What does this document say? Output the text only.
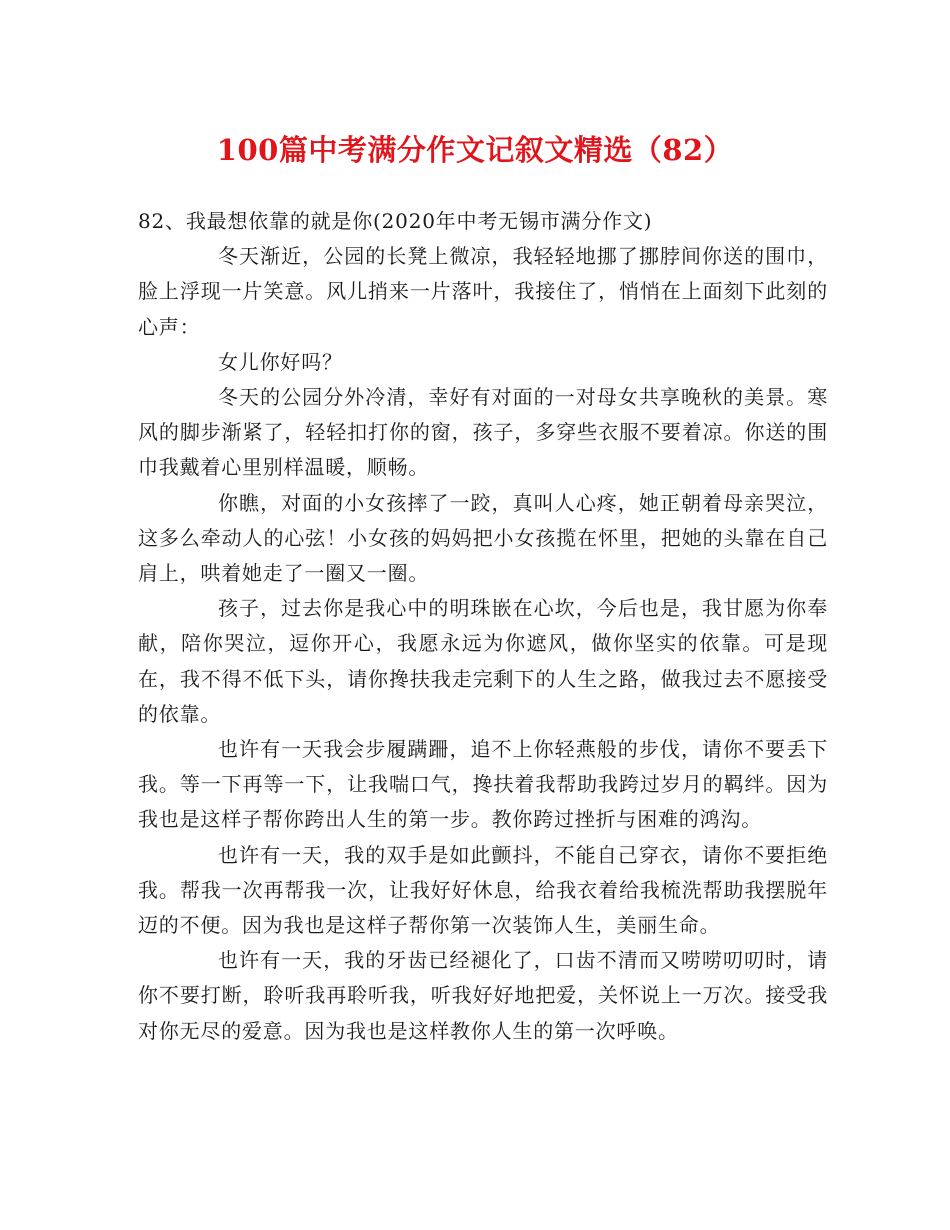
100篇中考满分作文记叙文精选（82）

82、我最想依靠的就是你(2020年中考无锡市满分作文)

冬天渐近，公园的长凳上微凉，我轻轻地挪了挪脖间你送的围巾，脸上浮现一片笑意。风儿捎来一片落叶，我接住了，悄悄在上面刻下此刻的心声：

女儿你好吗？

冬天的公园分外冷清，幸好有对面的一对母女共享晚秋的美景。寒风的脚步渐紧了，轻轻扣打你的窗，孩子，多穿些衣服不要着凉。你送的围巾我戴着心里别样温暖，顺畅。

你瞧，对面的小女孩摔了一跤，真叫人心疼，她正朝着母亲哭泣，这多么牵动人的心弦！小女孩的妈妈把小女孩揽在怀里，把她的头靠在自己肩上，哄着她走了一圈又一圈。

孩子，过去你是我心中的明珠嵌在心坎，今后也是，我甘愿为你奉献，陪你哭泣，逗你开心，我愿永远为你遮风，做你坚实的依靠。可是现在，我不得不低下头，请你搀扶我走完剩下的人生之路，做我过去不愿接受的依靠。

也许有一天我会步履蹒跚，追不上你轻燕般的步伐，请你不要丢下我。等一下再等一下，让我喘口气，搀扶着我帮助我跨过岁月的羁绊。因为我也是这样子帮你跨出人生的第一步。教你跨过挫折与困难的鸿沟。

也许有一天，我的双手是如此颤抖，不能自己穿衣，请你不要拒绝我。帮我一次再帮我一次，让我好好休息，给我衣着给我梳洗帮助我摆脱年迈的不便。因为我也是这样子帮你第一次装饰人生，美丽生命。

也许有一天，我的牙齿已经褪化了，口齿不清而又唠唠叨叨时，请你不要打断，聆听我再聆听我，听我好好地把爱，关怀说上一万次。接受我对你无尽的爱意。因为我也是这样教你人生的第一次呼唤。
